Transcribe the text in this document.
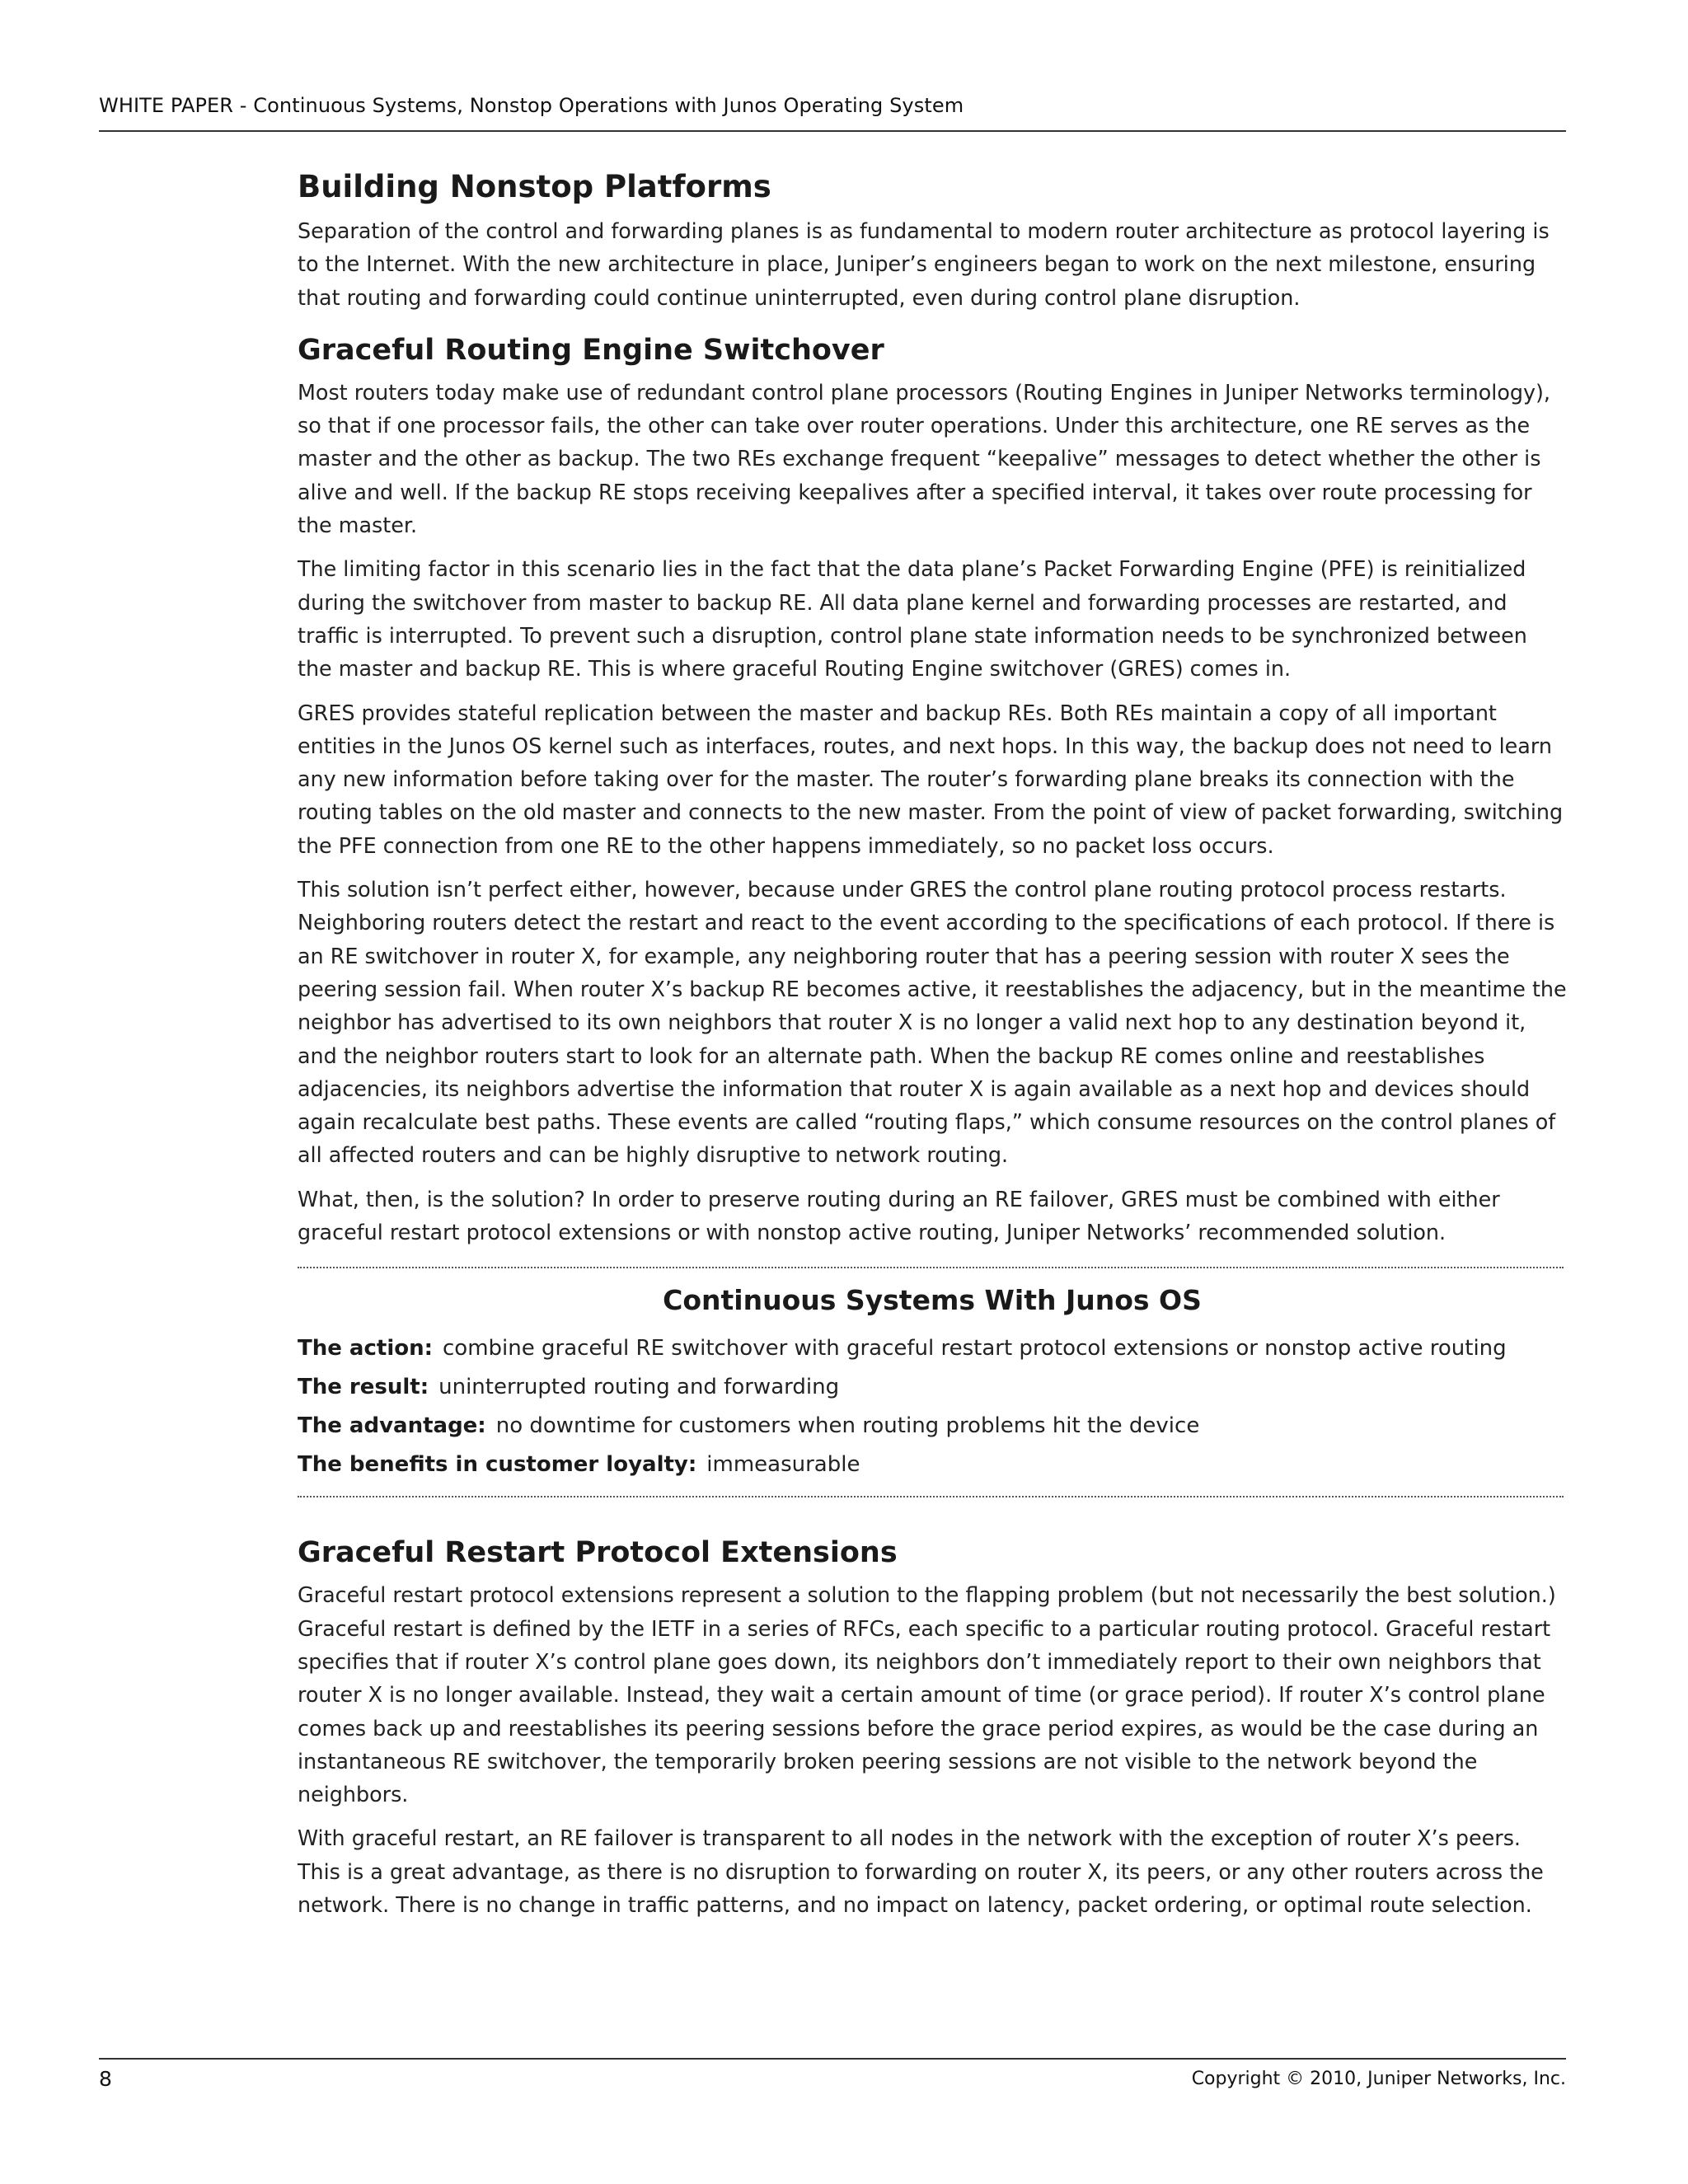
WHITE PAPER - Continuous Systems, Nonstop Operations with Junos Operating System
Building Nonstop Platforms

Separation of the control and forwarding planes is as fundamental to modern router architecture as protocol layering is to the Internet. With the new architecture in place, Juniper’s engineers began to work on the next milestone, ensuring that routing and forwarding could continue uninterrupted, even during control plane disruption.

Graceful Routing Engine Switchover

Most routers today make use of redundant control plane processors (Routing Engines in Juniper Networks terminology), so that if one processor fails, the other can take over router operations. Under this architecture, one RE serves as the master and the other as backup. The two REs exchange frequent “keepalive” messages to detect whether the other is alive and well. If the backup RE stops receiving keepalives after a specified interval, it takes over route processing for the master.

The limiting factor in this scenario lies in the fact that the data plane’s Packet Forwarding Engine (PFE) is reinitialized during the switchover from master to backup RE. All data plane kernel and forwarding processes are restarted, and traffic is interrupted. To prevent such a disruption, control plane state information needs to be synchronized between the master and backup RE. This is where graceful Routing Engine switchover (GRES) comes in.

GRES provides stateful replication between the master and backup REs. Both REs maintain a copy of all important entities in the Junos OS kernel such as interfaces, routes, and next hops. In this way, the backup does not need to learn any new information before taking over for the master. The router’s forwarding plane breaks its connection with the routing tables on the old master and connects to the new master. From the point of view of packet forwarding, switching the PFE connection from one RE to the other happens immediately, so no packet loss occurs.

This solution isn’t perfect either, however, because under GRES the control plane routing protocol process restarts. Neighboring routers detect the restart and react to the event according to the specifications of each protocol. If there is an RE switchover in router X, for example, any neighboring router that has a peering session with router X sees the peering session fail. When router X’s backup RE becomes active, it reestablishes the adjacency, but in the meantime the neighbor has advertised to its own neighbors that router X is no longer a valid next hop to any destination beyond it, and the neighbor routers start to look for an alternate path. When the backup RE comes online and reestablishes adjacencies, its neighbors advertise the information that router X is again available as a next hop and devices should again recalculate best paths. These events are called “routing flaps,” which consume resources on the control planes of all affected routers and can be highly disruptive to network routing.

What, then, is the solution? In order to preserve routing during an RE failover, GRES must be combined with either graceful restart protocol extensions or with nonstop active routing, Juniper Networks’ recommended solution.

Continuous Systems With Junos OS
The action: combine graceful RE switchover with graceful restart protocol extensions or nonstop active routing
The result: uninterrupted routing and forwarding
The advantage: no downtime for customers when routing problems hit the device
The benefits in customer loyalty: immeasurable
Graceful Restart Protocol Extensions

Graceful restart protocol extensions represent a solution to the flapping problem (but not necessarily the best solution.) Graceful restart is defined by the IETF in a series of RFCs, each specific to a particular routing protocol. Graceful restart specifies that if router X’s control plane goes down, its neighbors don’t immediately report to their own neighbors that router X is no longer available. Instead, they wait a certain amount of time (or grace period). If router X’s control plane comes back up and reestablishes its peering sessions before the grace period expires, as would be the case during an instantaneous RE switchover, the temporarily broken peering sessions are not visible to the network beyond the neighbors.

With graceful restart, an RE failover is transparent to all nodes in the network with the exception of router X’s peers. This is a great advantage, as there is no disruption to forwarding on router X, its peers, or any other routers across the network. There is no change in traffic patterns, and no impact on latency, packet ordering, or optimal route selection.

8	Copyright © 2010, Juniper Networks, Inc.
